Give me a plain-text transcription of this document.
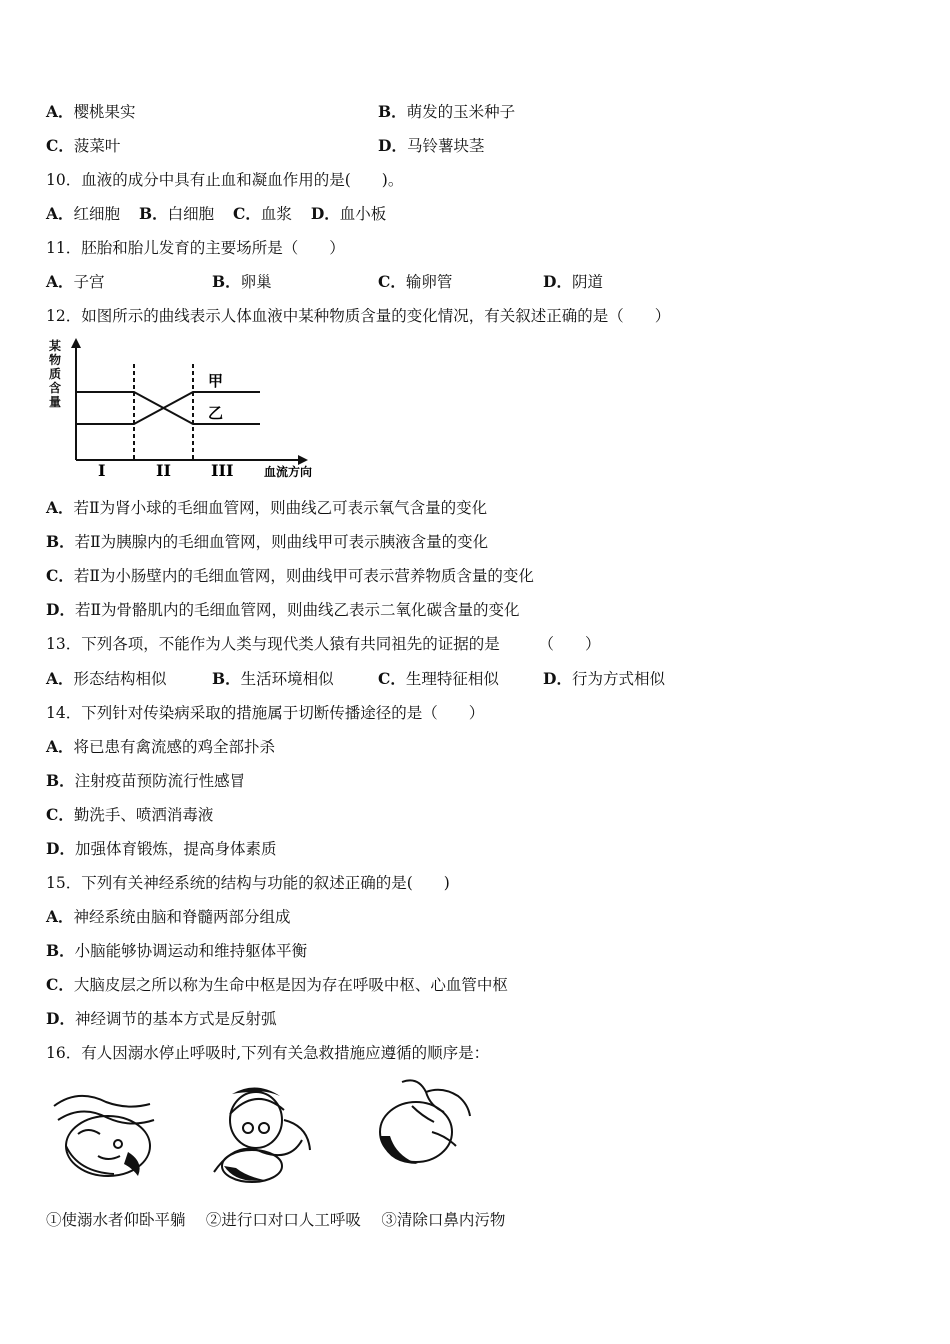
A．樱桃果实	B．萌发的玉米种子
C．菠菜叶	D．马铃薯块茎
10．血液的成分中具有止血和凝血作用的是(　　)。
A．红细胞 B．白细胞 C．血浆 D．血小板
11．胚胎和胎儿发育的主要场所是（　　）
A．子宫	B．卵巢	C．输卵管	D．阴道
12．如图所示的曲线表示人体血液中某种物质含量的变化情况，有关叙述正确的是（　　）
某
物
质
含
量
甲
乙
I	II	III	血流方向
A．若Ⅱ为肾小球的毛细血管网，则曲线乙可表示氧气含量的变化
B．若Ⅱ为胰腺内的毛细血管网，则曲线甲可表示胰液含量的变化
C．若Ⅱ为小肠壁内的毛细血管网，则曲线甲可表示营养物质含量的变化
D．若Ⅱ为骨骼肌内的毛细血管网，则曲线乙表示二氧化碳含量的变化
13．下列各项，不能作为人类与现代类人猿有共同祖先的证据的是　　　（　　）
A．形态结构相似	B．生活环境相似	C．生理特征相似	D．行为方式相似
14．下列针对传染病采取的措施属于切断传播途径的是（　　）
A．将已患有禽流感的鸡全部扑杀
B．注射疫苗预防流行性感冒
C．勤洗手、喷洒消毒液
D．加强体育锻炼，提高身体素质
15．下列有关神经系统的结构与功能的叙述正确的是(　　)
A．神经系统由脑和脊髓两部分组成
B．小脑能够协调运动和维持躯体平衡
C．大脑皮层之所以称为生命中枢是因为存在呼吸中枢、心血管中枢
D．神经调节的基本方式是反射弧
16．有人因溺水停止呼吸时,下列有关急救措施应遵循的顺序是：
①使溺水者仰卧平躺　 ②进行口对口人工呼吸　 ③清除口鼻内污物
